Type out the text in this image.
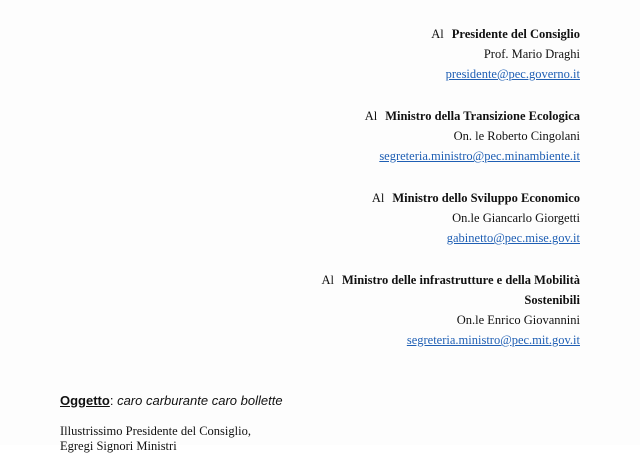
Al Presidente del Consiglio
Prof. Mario Draghi
presidente@pec.governo.it
Al Ministro della Transizione Ecologica
On. le Roberto Cingolani
segreteria.ministro@pec.minambiente.it
Al Ministro dello Sviluppo Economico
On.le Giancarlo Giorgetti
gabinetto@pec.mise.gov.it
Al Ministro delle infrastrutture e della Mobilità
Sostenibili
On.le Enrico Giovannini
segreteria.ministro@pec.mit.gov.it
Oggetto: caro carburante caro bollette
Illustrissimo Presidente del Consiglio,
Egregi Signori Ministri
